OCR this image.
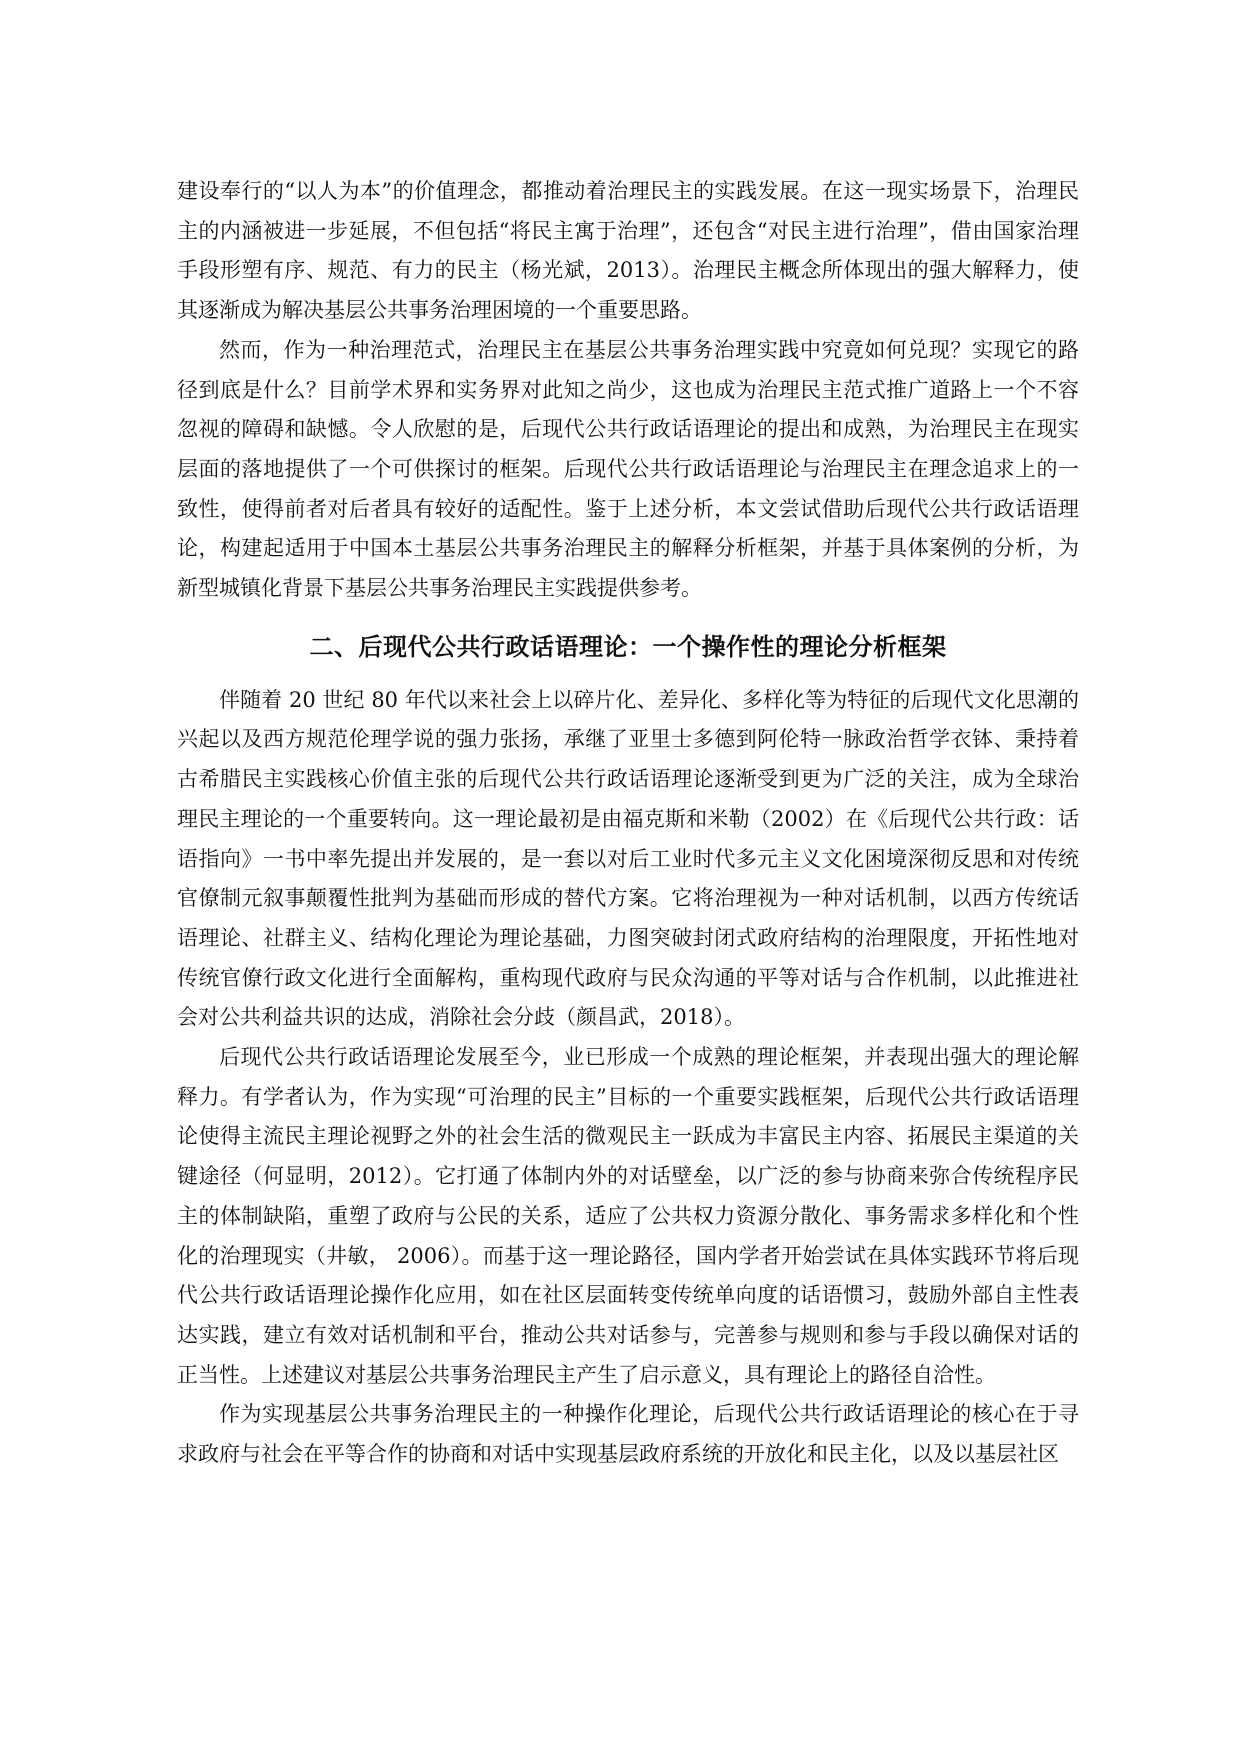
建设奉行的“以人为本”的价值理念，都推动着治理民主的实践发展。在这一现实场景下，治理民主的内涵被进一步延展，不但包括“将民主寓于治理”，还包含“对民主进行治理”，借由国家治理手段形塑有序、规范、有力的民主（杨光斌，2013）。治理民主概念所体现出的强大解释力，使其逐渐成为解决基层公共事务治理困境的一个重要思路。

然而，作为一种治理范式，治理民主在基层公共事务治理实践中究竟如何兑现？实现它的路径到底是什么？目前学术界和实务界对此知之尚少，这也成为治理民主范式推广道路上一个不容忽视的障碍和缺憾。令人欣慰的是，后现代公共行政话语理论的提出和成熟，为治理民主在现实层面的落地提供了一个可供探讨的框架。后现代公共行政话语理论与治理民主在理念追求上的一致性，使得前者对后者具有较好的适配性。鉴于上述分析，本文尝试借助后现代公共行政话语理论，构建起适用于中国本土基层公共事务治理民主的解释分析框架，并基于具体案例的分析，为新型城镇化背景下基层公共事务治理民主实践提供参考。

二、后现代公共行政话语理论：一个操作性的理论分析框架

伴随着 20 世纪 80 年代以来社会上以碎片化、差异化、多样化等为特征的后现代文化思潮的兴起以及西方规范伦理学说的强力张扬，承继了亚里士多德到阿伦特一脉政治哲学衣钵、秉持着古希腊民主实践核心价值主张的后现代公共行政话语理论逐渐受到更为广泛的关注，成为全球治理民主理论的一个重要转向。这一理论最初是由福克斯和米勒（2002）在《后现代公共行政：话语指向》一书中率先提出并发展的，是一套以对后工业时代多元主义文化困境深彻反思和对传统官僚制元叙事颠覆性批判为基础而形成的替代方案。它将治理视为一种对话机制，以西方传统话语理论、社群主义、结构化理论为理论基础，力图突破封闭式政府结构的治理限度，开拓性地对传统官僚行政文化进行全面解构，重构现代政府与民众沟通的平等对话与合作机制，以此推进社会对公共利益共识的达成，消除社会分歧（颜昌武，2018）。

后现代公共行政话语理论发展至今，业已形成一个成熟的理论框架，并表现出强大的理论解释力。有学者认为，作为实现“可治理的民主”目标的一个重要实践框架，后现代公共行政话语理论使得主流民主理论视野之外的社会生活的微观民主一跃成为丰富民主内容、拓展民主渠道的关键途径（何显明，2012）。它打通了体制内外的对话壁垒，以广泛的参与协商来弥合传统程序民主的体制缺陷，重塑了政府与公民的关系，适应了公共权力资源分散化、事务需求多样化和个性化的治理现实（井敏， 2006）。而基于这一理论路径，国内学者开始尝试在具体实践环节将后现代公共行政话语理论操作化应用，如在社区层面转变传统单向度的话语惯习，鼓励外部自主性表达实践，建立有效对话机制和平台，推动公共对话参与，完善参与规则和参与手段以确保对话的正当性。上述建议对基层公共事务治理民主产生了启示意义，具有理论上的路径自洽性。

作为实现基层公共事务治理民主的一种操作化理论，后现代公共行政话语理论的核心在于寻求政府与社会在平等合作的协商和对话中实现基层政府系统的开放化和民主化，以及以基层社区
